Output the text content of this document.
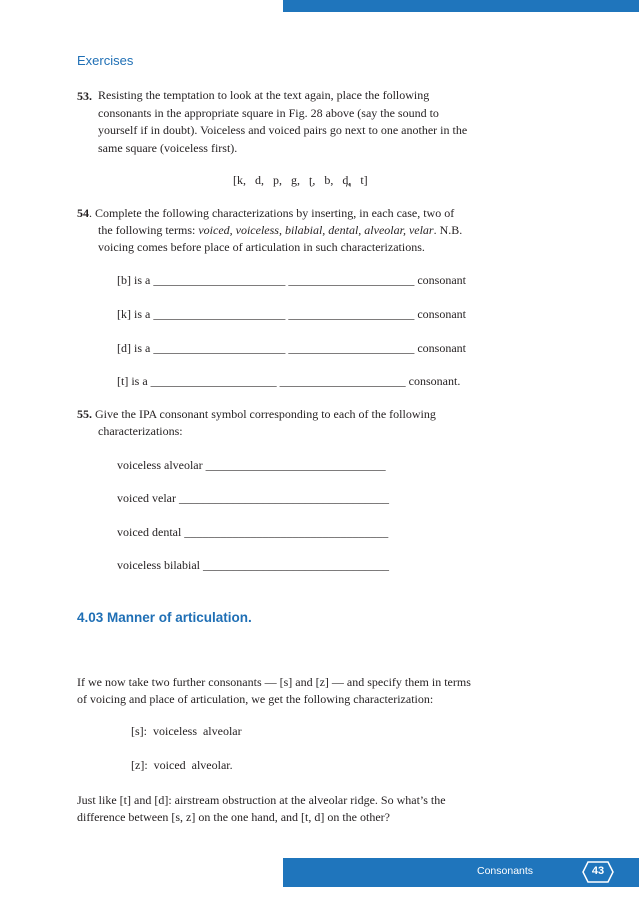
Exercises
53. Resisting the temptation to look at the text again, place the following
consonants in the appropriate square in Fig. 28 above (say the sound to
yourself if in doubt). Voiceless and voiced pairs go next to one another in the
same square (voiceless first).
[k,   d,   p,   g,   ʈ,   b,   d̪,   t]
54. Complete the following characterizations by inserting, in each case, two of
the following terms: voiced, voiceless, bilabial, dental, alveolar, velar. N.B.
voicing comes before place of articulation in such characterizations.
[b] is a ______________________ _____________________ consonant
[k] is a ______________________ _____________________ consonant
[d] is a ______________________ _____________________ consonant
[t] is a _____________________ _____________________ consonant.
55. Give the IPA consonant symbol corresponding to each of the following
characterizations:
voiceless alveolar ______________________________
voiced velar ___________________________________
voiced dental __________________________________
voiceless bilabial _______________________________
4.03 Manner of articulation.
If we now take two further consonants — [s] and [z] — and specify them in terms
of voicing and place of articulation, we get the following characterization:
[s]:  voiceless  alveolar
[z]:  voiced  alveolar.
Just like [t] and [d]: airstream obstruction at the alveolar ridge. So what’s the
difference between [s, z] on the one hand, and [t, d] on the other?
Consonants	43
